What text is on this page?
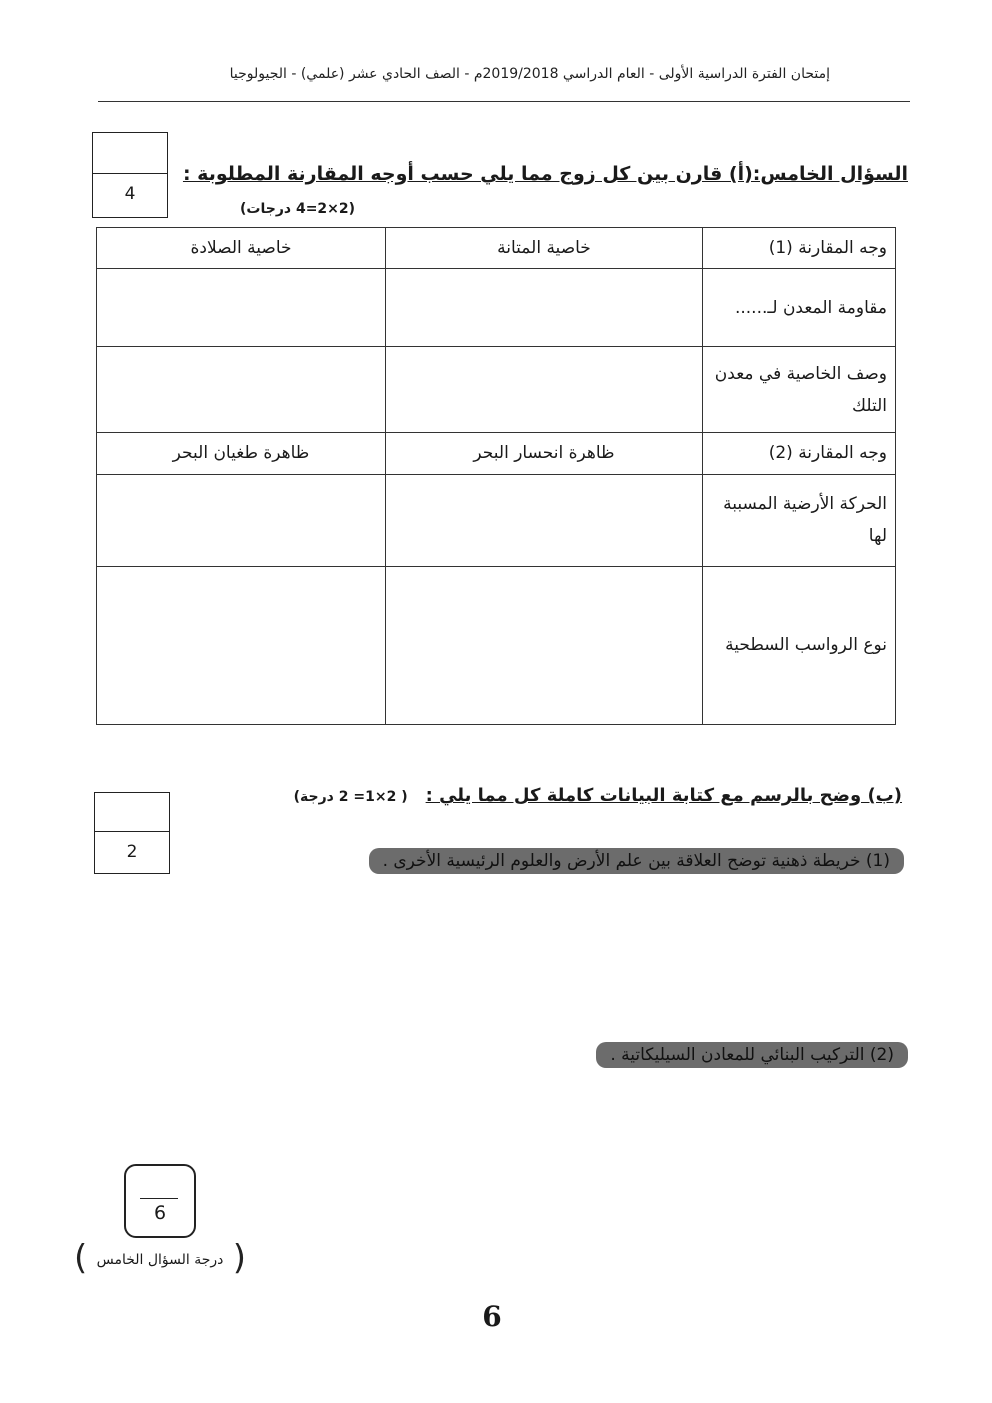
إمتحان الفترة الدراسية الأولى - العام الدراسي 2019/2018م - الصف الحادي عشر (علمي) - الجيولوجيا
4
السؤال الخامس:(أ) قارن بين كل زوج مما يلي حسب أوجه المقارنة المطلوبة :
(2×2=4 درجات)
وجه المقارنة (1)	خاصية المتانة	خاصية الصلادة
مقاومة المعدن لـ......		
وصف الخاصية في معدن التلك		
وجه المقارنة (2)	ظاهرة انحسار البحر	ظاهرة طغيان البحر
الحركة الأرضية المسببة لها		
نوع الرواسب السطحية		
2
(ب) وضح بالرسم مع كتابة البيانات كاملة كل مما يلي :( 2×1= 2 درجة)
(1) خريطة ذهنية توضح العلاقة بين علم الأرض والعلوم الرئيسية الأخرى .
(2) التركيب البنائي للمعادن السيليكاتية .
6
( درجة السؤال الخامس )
6
